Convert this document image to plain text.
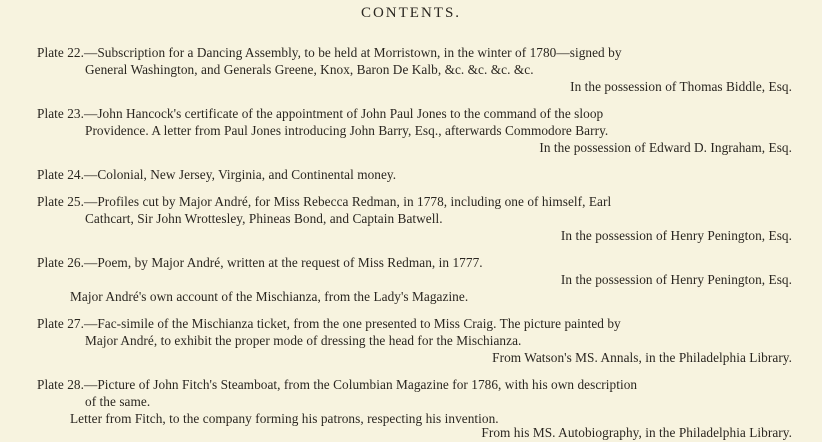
CONTENTS.
Plate 22.—Subscription for a Dancing Assembly, to be held at Morristown, in the winter of 1780—signed by
General Washington, and Generals Greene, Knox, Baron De Kalb, &c. &c. &c. &c.
In the possession of Thomas Biddle, Esq.
Plate 23.—John Hancock's certificate of the appointment of John Paul Jones to the command of the sloop
Providence. A letter from Paul Jones introducing John Barry, Esq., afterwards Commodore Barry.
In the possession of Edward D. Ingraham, Esq.
Plate 24.—Colonial, New Jersey, Virginia, and Continental money.
Plate 25.—Profiles cut by Major André, for Miss Rebecca Redman, in 1778, including one of himself, Earl
Cathcart, Sir John Wrottesley, Phineas Bond, and Captain Batwell.
In the possession of Henry Penington, Esq.
Plate 26.—Poem, by Major André, written at the request of Miss Redman, in 1777.
In the possession of Henry Penington, Esq.
Major André's own account of the Mischianza, from the Lady's Magazine.
Plate 27.—Fac-simile of the Mischianza ticket, from the one presented to Miss Craig. The picture painted by
Major André, to exhibit the proper mode of dressing the head for the Mischianza.
From Watson's MS. Annals, in the Philadelphia Library.
Plate 28.—Picture of John Fitch's Steamboat, from the Columbian Magazine for 1786, with his own description
of the same.
Letter from Fitch, to the company forming his patrons, respecting his invention.
From his MS. Autobiography, in the Philadelphia Library.
